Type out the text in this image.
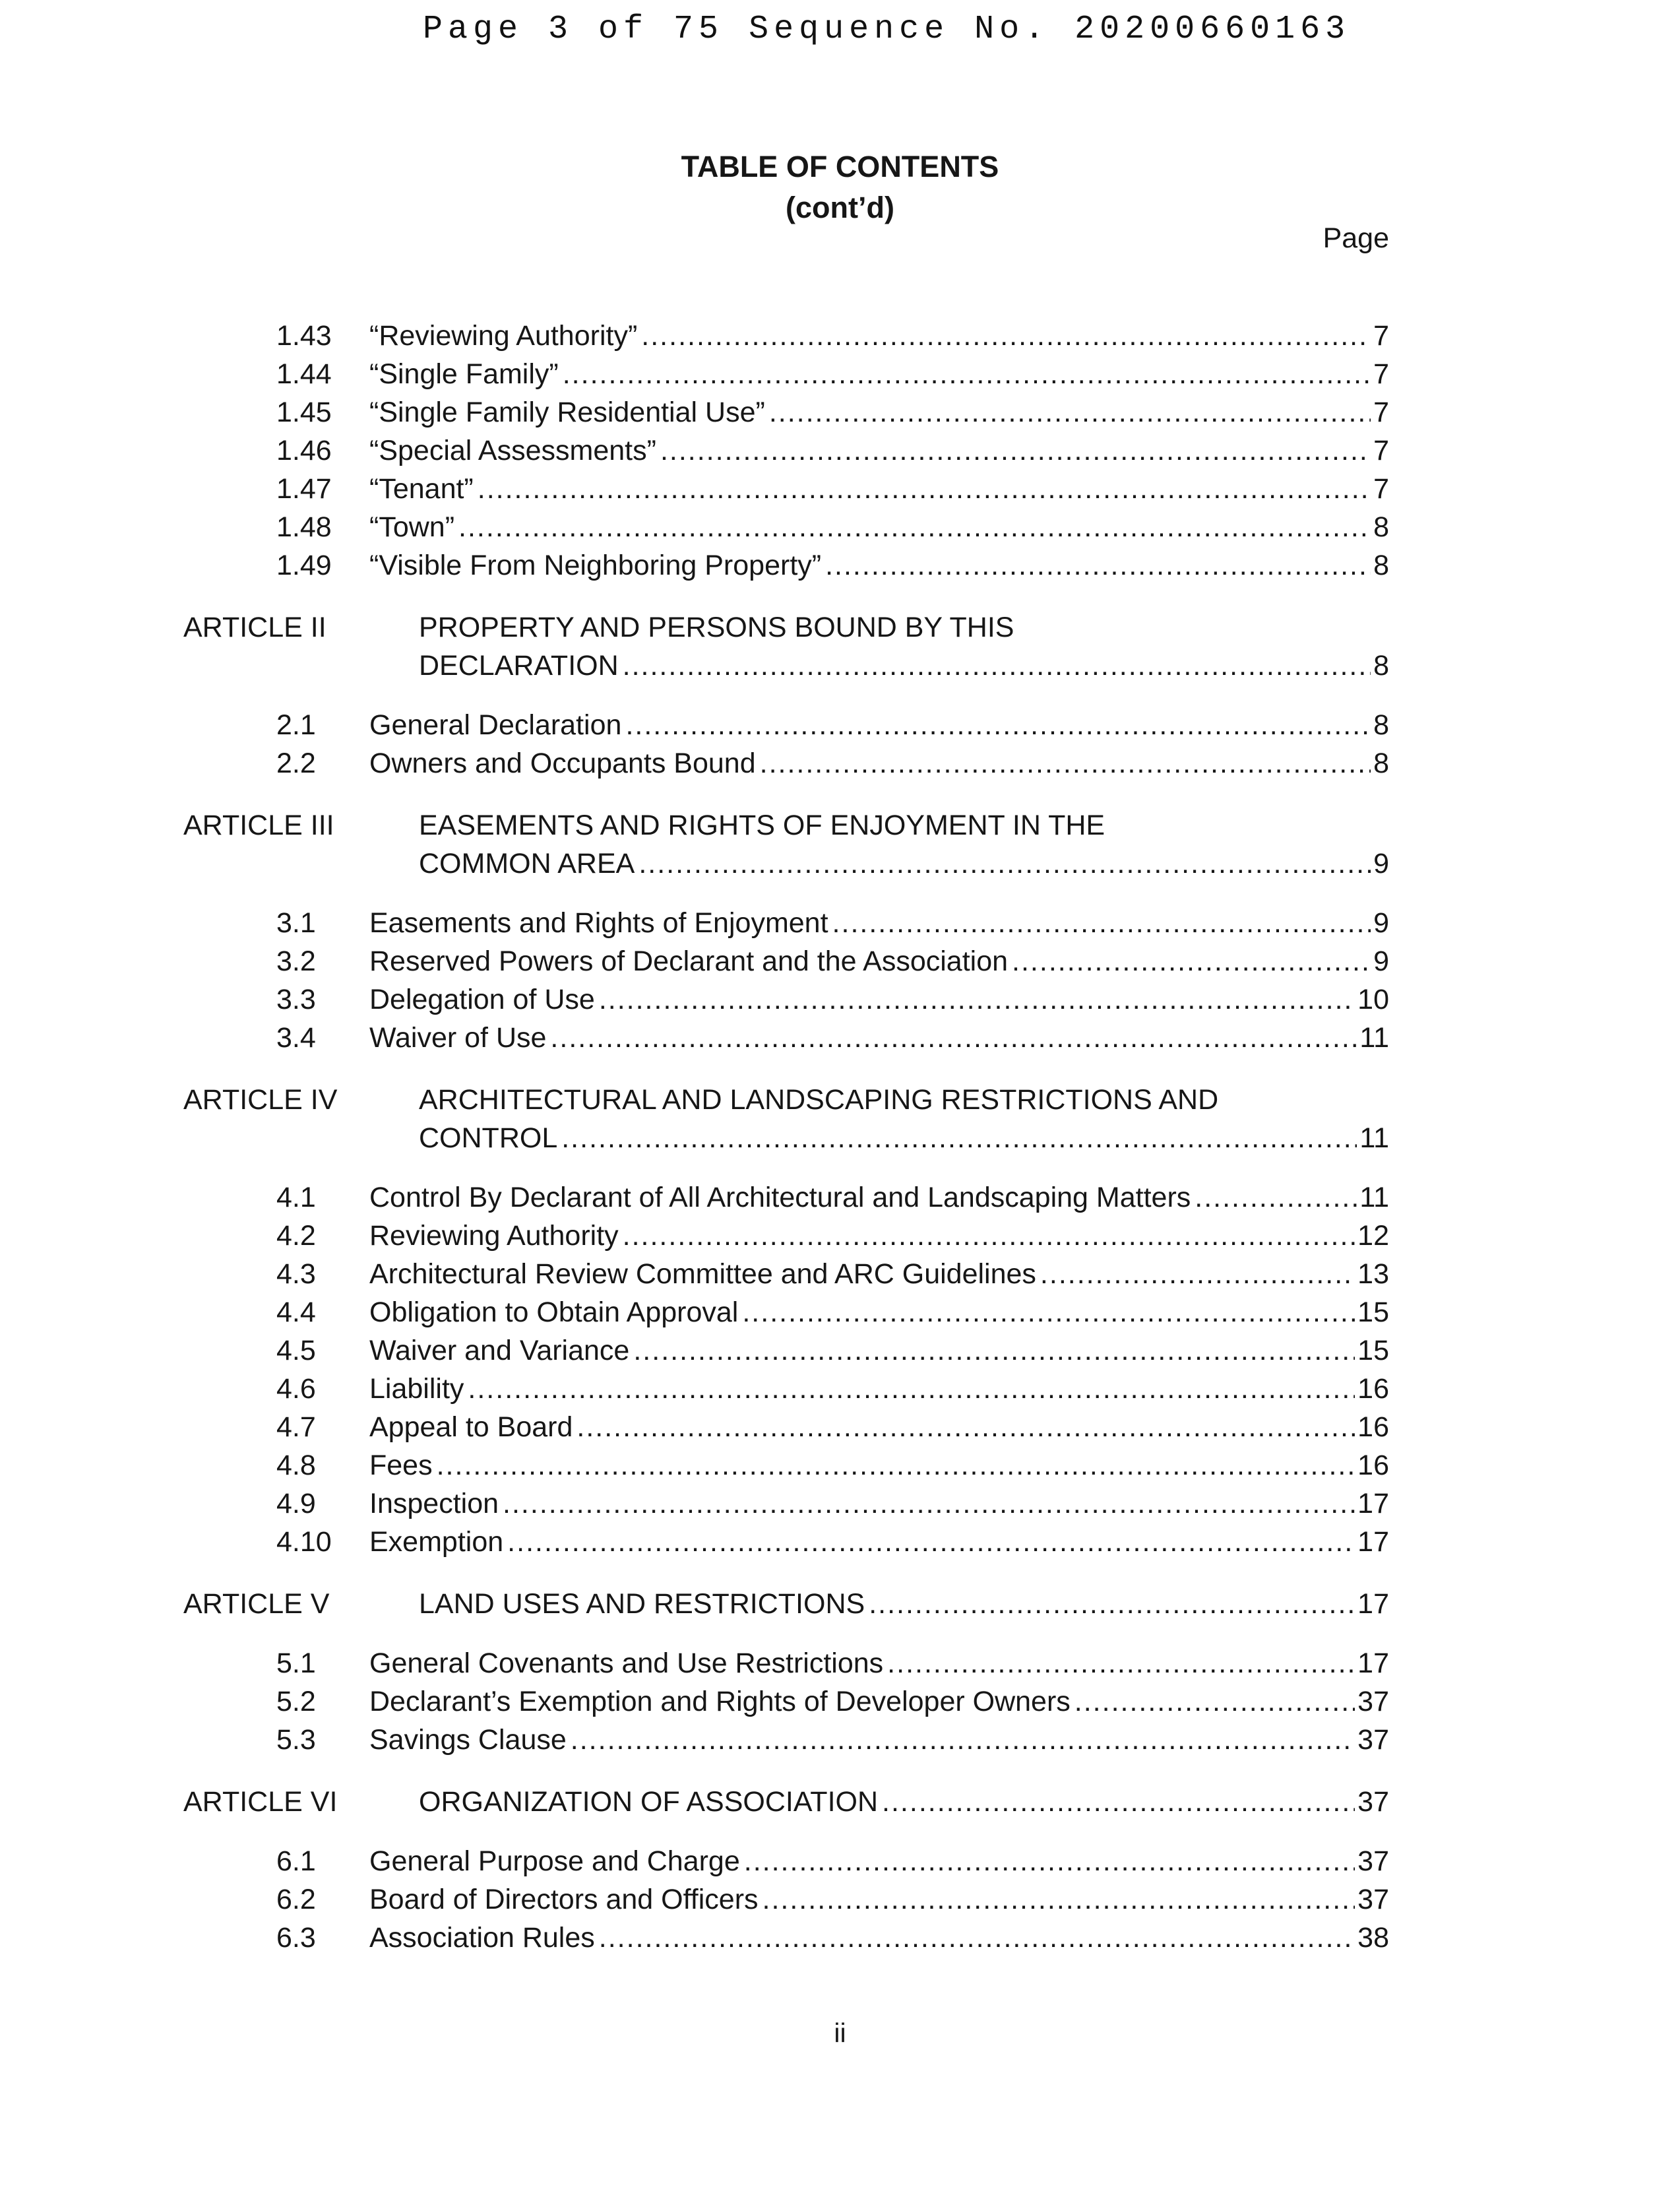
Page 3 of 75 Sequence No. 20200660163
TABLE OF CONTENTS
(cont’d)
Page
1.43	“Reviewing Authority” .....	7
1.44	“Single Family” .....	7
1.45	“Single Family Residential Use” .....	7
1.46	“Special Assessments” .....	7
1.47	“Tenant” .....	7
1.48	“Town” .....	8
1.49	“Visible From Neighboring Property” .....	8
ARTICLE II	PROPERTY AND PERSONS BOUND BY THIS
DECLARATION .....	8
2.1	General Declaration .....	8
2.2	Owners and Occupants Bound .....	8
ARTICLE III	EASEMENTS AND RIGHTS OF ENJOYMENT IN THE
COMMON AREA .....	9
3.1	Easements and Rights of Enjoyment .....	9
3.2	Reserved Powers of Declarant and the Association .....	9
3.3	Delegation of Use .....	10
3.4	Waiver of Use .....	11
ARTICLE IV	ARCHITECTURAL AND LANDSCAPING RESTRICTIONS AND
CONTROL .....	11
4.1	Control By Declarant of All Architectural and Landscaping Matters .....	11
4.2	Reviewing Authority .....	12
4.3	Architectural Review Committee and ARC Guidelines .....	13
4.4	Obligation to Obtain Approval .....	15
4.5	Waiver and Variance .....	15
4.6	Liability .....	16
4.7	Appeal to Board .....	16
4.8	Fees .....	16
4.9	Inspection .....	17
4.10	Exemption .....	17
ARTICLE V	LAND USES AND RESTRICTIONS .....	17
5.1	General Covenants and Use Restrictions .....	17
5.2	Declarant’s Exemption and Rights of Developer Owners .....	37
5.3	Savings Clause .....	37
ARTICLE VI	ORGANIZATION OF ASSOCIATION .....	37
6.1	General Purpose and Charge .....	37
6.2	Board of Directors and Officers .....	37
6.3	Association Rules .....	38
ii
